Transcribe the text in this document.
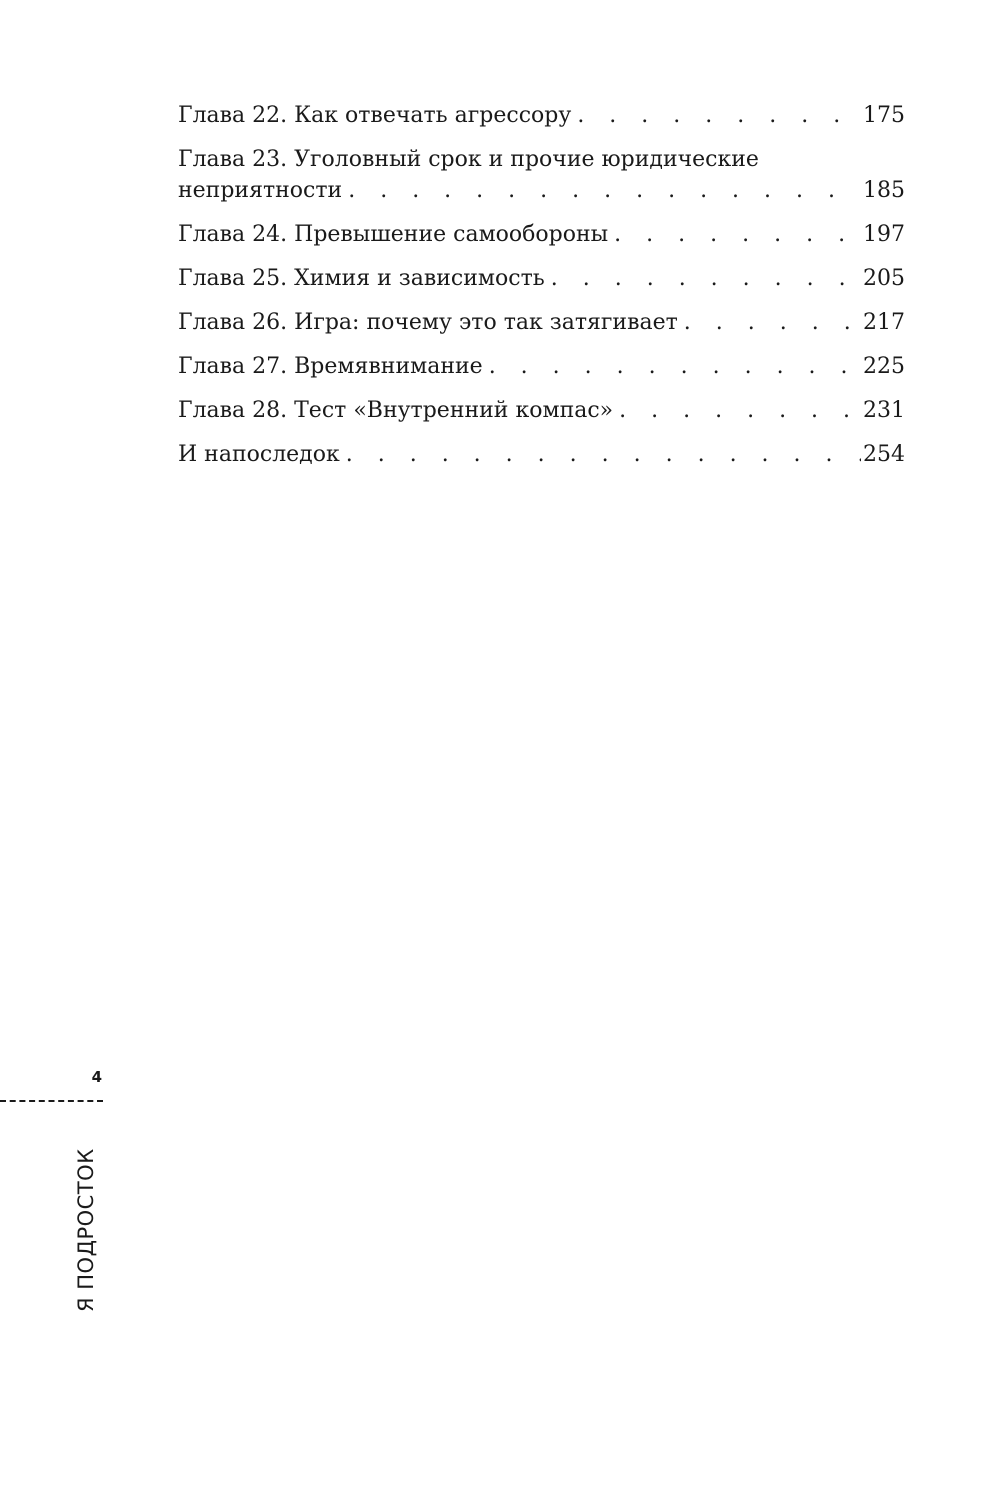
Глава 22. Как отвечать агрессору . . .	175
Глава 23. Уголовный срок и прочие юридические
неприятности . . .	185
Глава 24. Превышение самообороны . . .	197
Глава 25. Химия и зависимость . . .	205
Глава 26. Игра: почему это так затягивает . . .	217
Глава 27. Времявнимание . . .	225
Глава 28. Тест «Внутренний компас» . . .	231
И напоследок . . .	254
4
Я ПОДРОСТОК
